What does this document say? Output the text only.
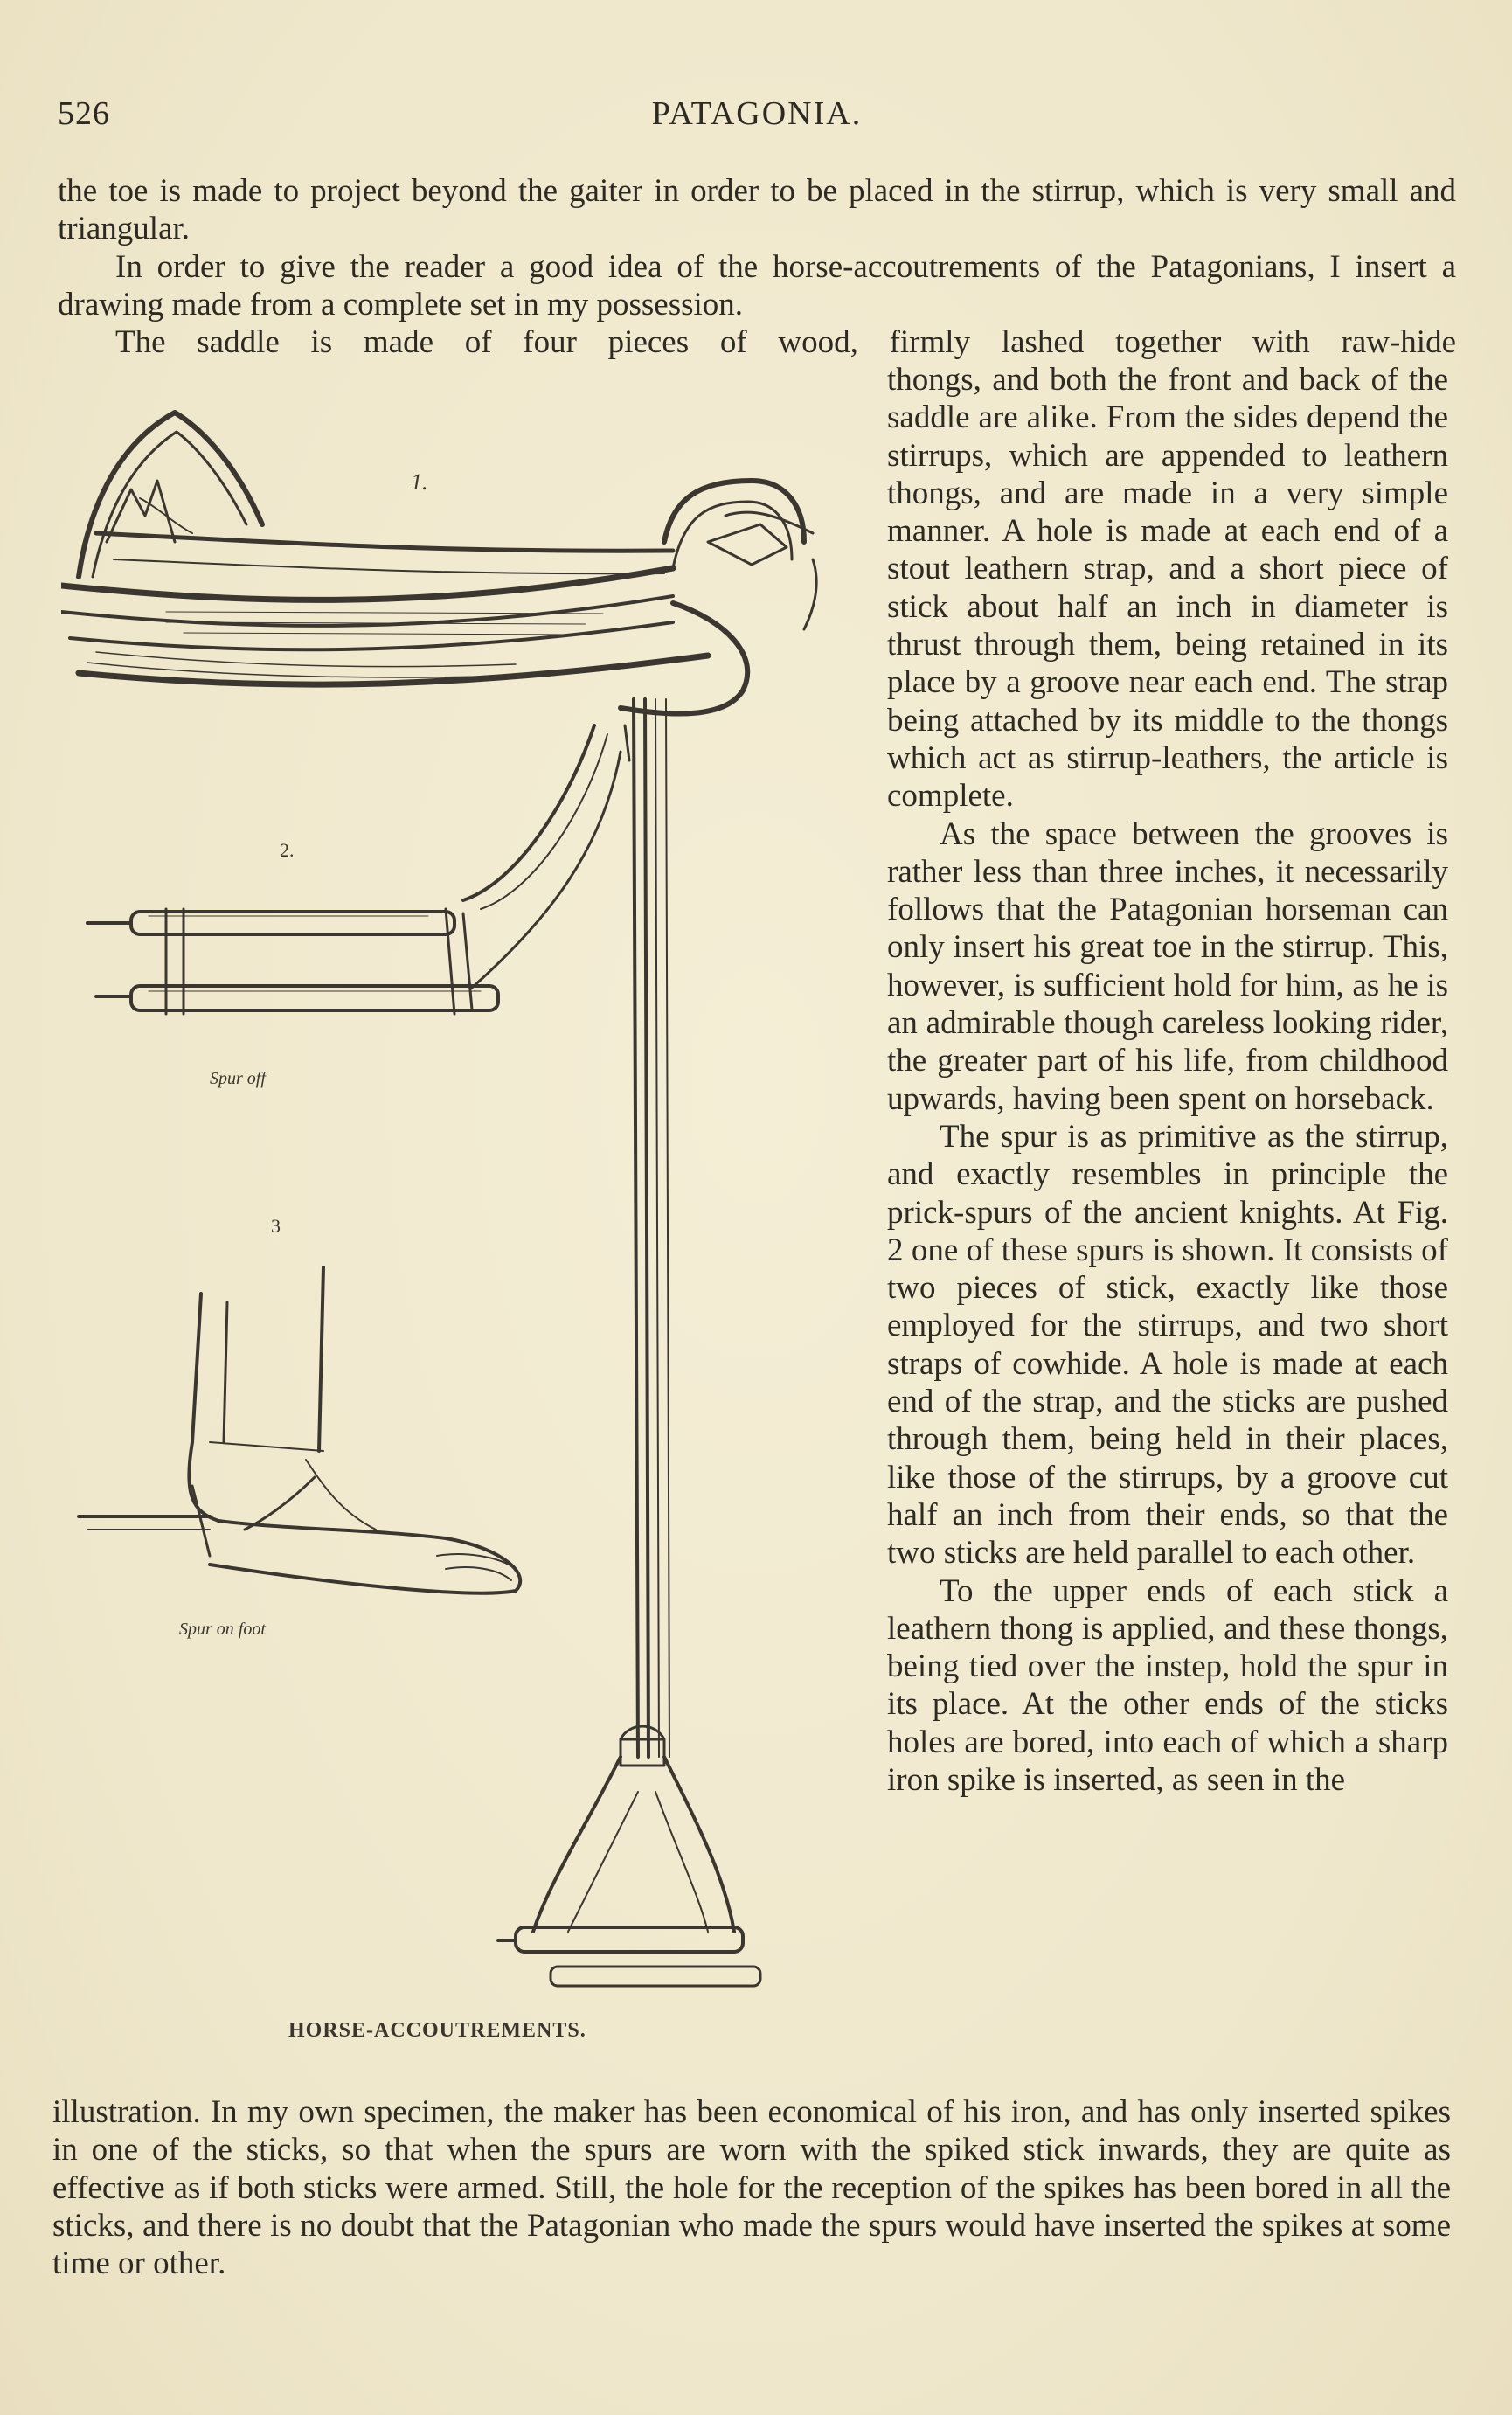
526	PATAGONIA.

the toe is made to project beyond the gaiter in order to be placed in the stirrup, which is very small and triangular.

In order to give the reader a good idea of the horse-accoutrements of the Patagonians, I insert a drawing made from a complete set in my possession.

The saddle is made of four pieces of wood, firmly lashed together with raw-hide

1.
2.
3
Spur off
Spur on foot
HORSE-ACCOUTREMENTS.

thongs, and both the front and back of the saddle are alike. From the sides depend the stirrups, which are appended to leathern thongs, and are made in a very simple manner. A hole is made at each end of a stout leathern strap, and a short piece of stick about half an inch in diameter is thrust through them, being retained in its place by a groove near each end. The strap being attached by its middle to the thongs which act as stirrup-leathers, the article is complete.

As the space between the grooves is rather less than three inches, it necessarily follows that the Patagonian horseman can only insert his great toe in the stirrup. This, however, is sufficient hold for him, as he is an admirable though careless looking rider, the greater part of his life, from childhood upwards, having been spent on horseback.

The spur is as primitive as the stirrup, and exactly resembles in principle the prick-spurs of the ancient knights. At Fig. 2 one of these spurs is shown. It consists of two pieces of stick, exactly like those employed for the stirrups, and two short straps of cowhide. A hole is made at each end of the strap, and the sticks are pushed through them, being held in their places, like those of the stirrups, by a groove cut half an inch from their ends, so that the two sticks are held parallel to each other.

To the upper ends of each stick a leathern thong is applied, and these thongs, being tied over the instep, hold the spur in its place. At the other ends of the sticks holes are bored, into each of which a sharp iron spike is inserted, as seen in the

illustration. In my own specimen, the maker has been economical of his iron, and has only inserted spikes in one of the sticks, so that when the spurs are worn with the spiked stick inwards, they are quite as effective as if both sticks were armed. Still, the hole for the reception of the spikes has been bored in all the sticks, and there is no doubt that the Patagonian who made the spurs would have inserted the spikes at some time or other.
